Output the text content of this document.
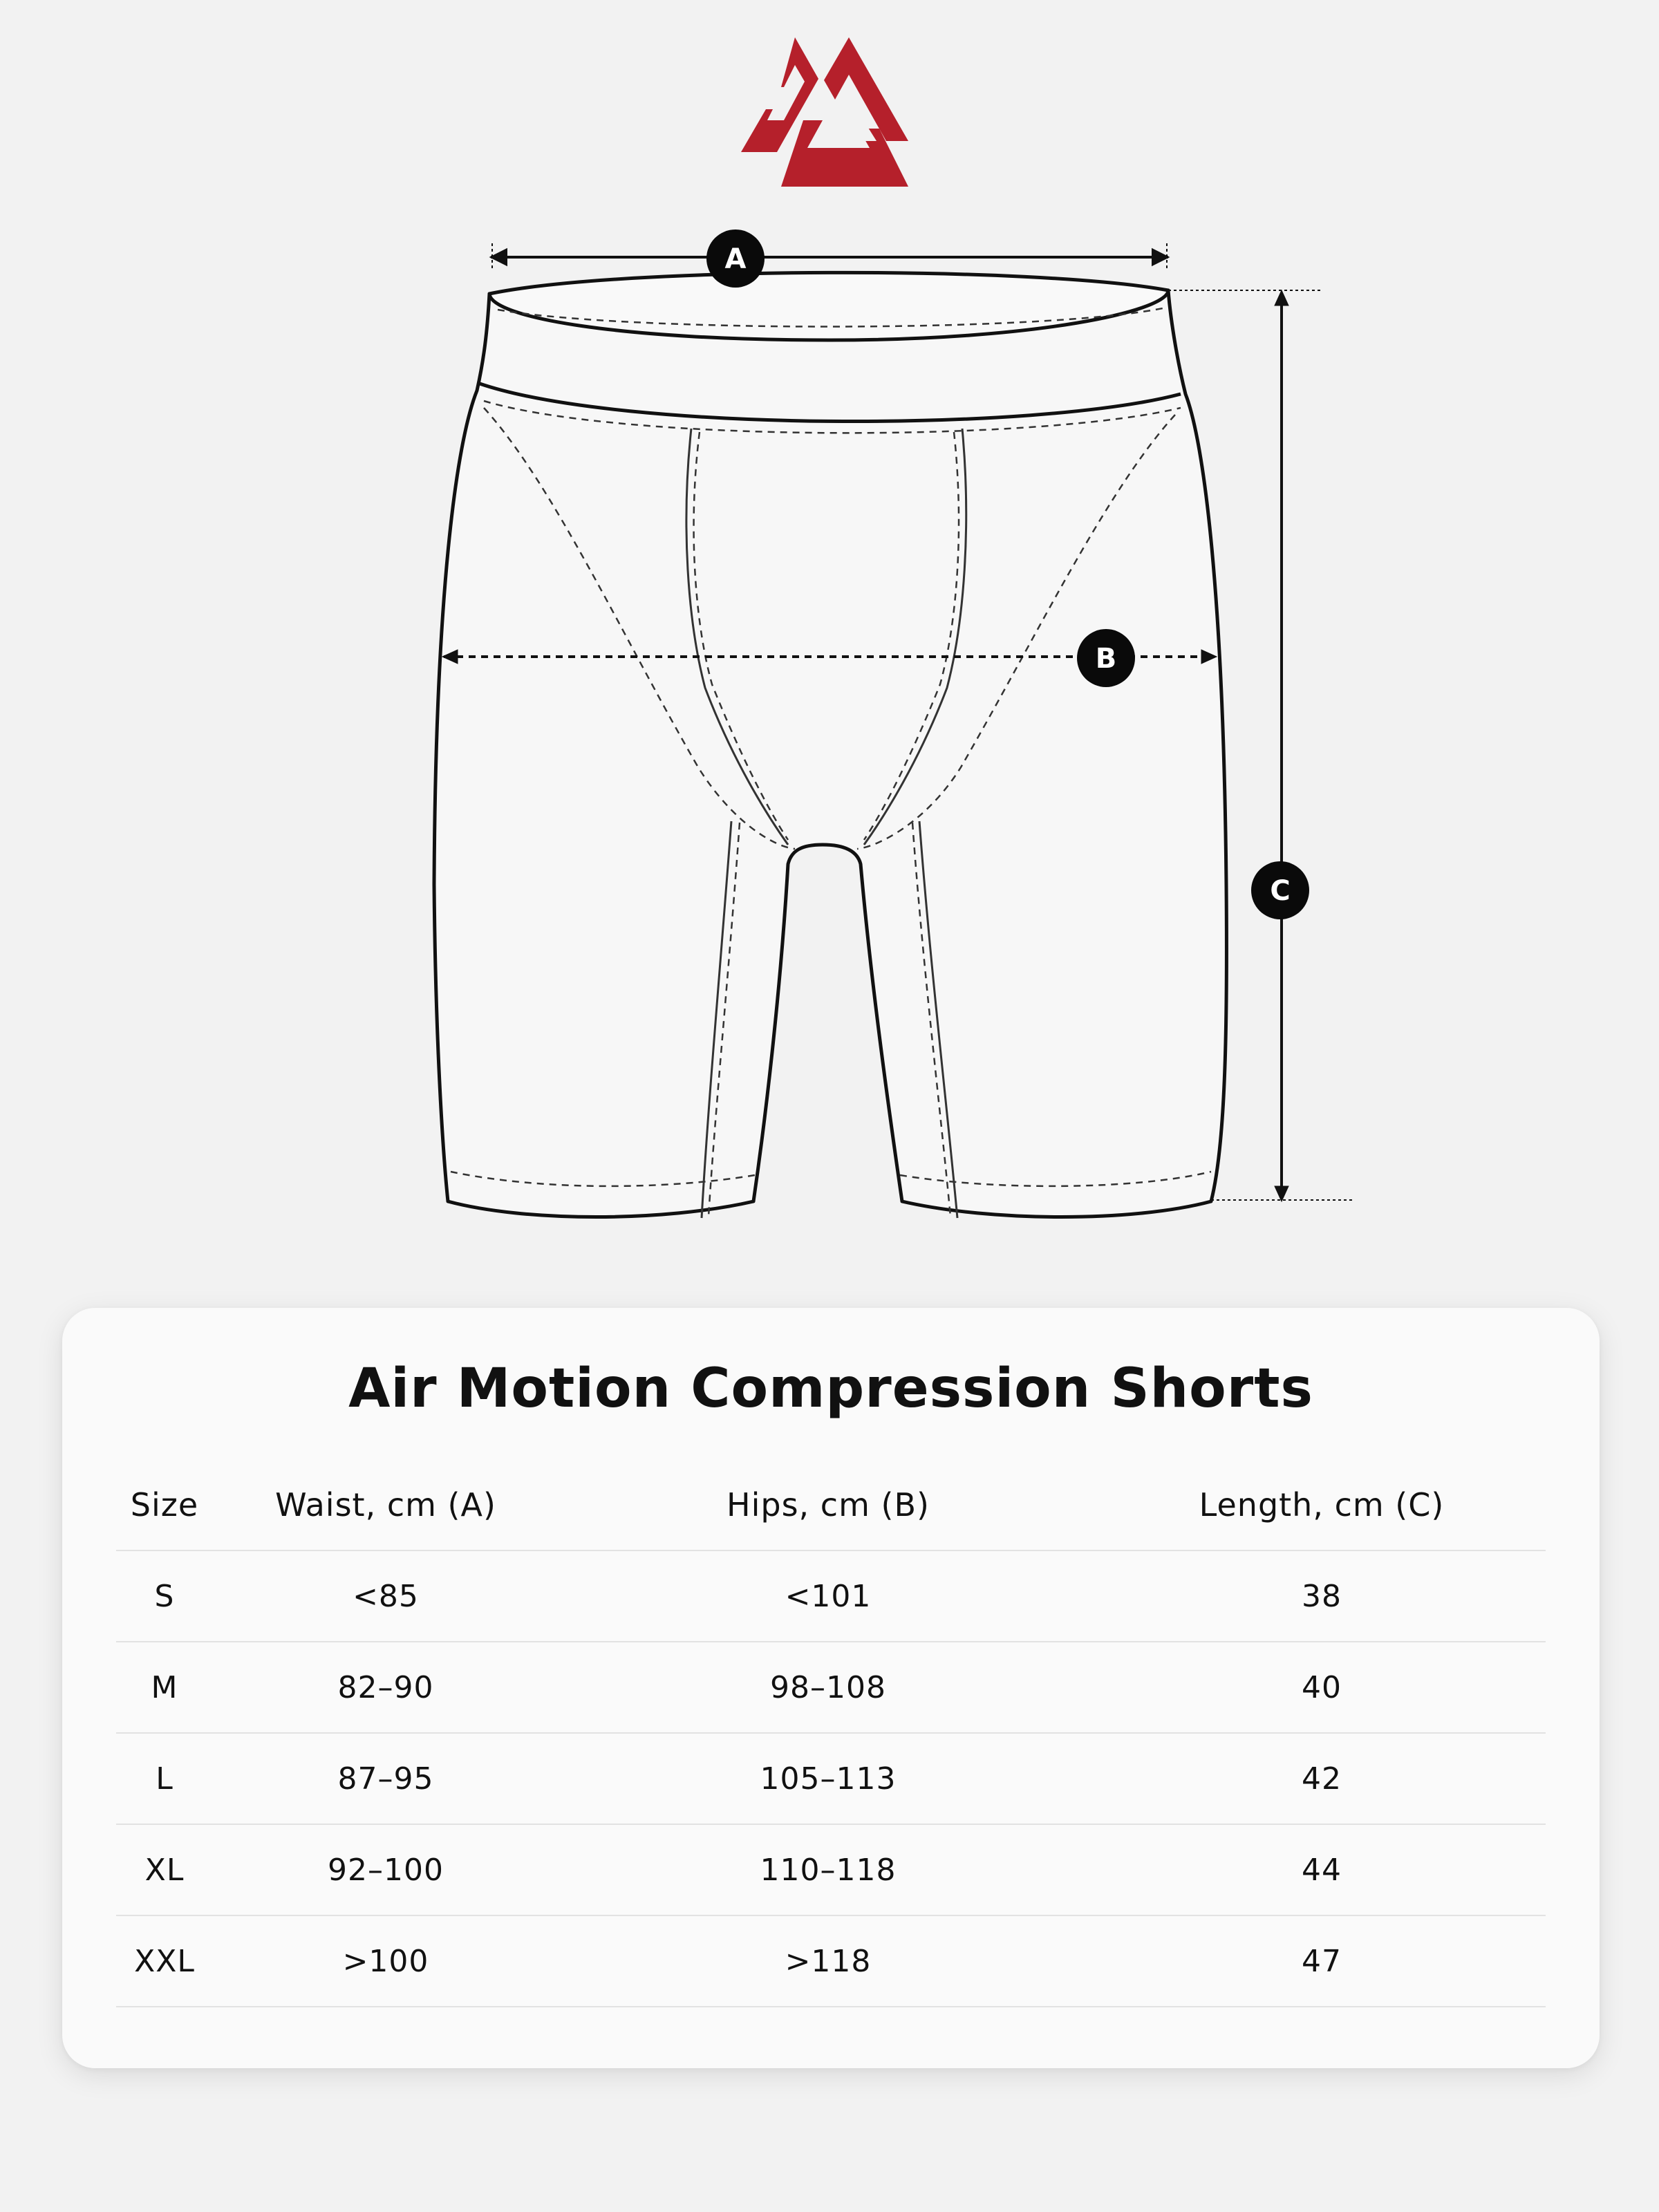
A
B
C
Air Motion Compression Shorts
Size	Waist, cm (A)	Hips, cm (B)	Length, cm (C)
S	<85	<101	38
M	82–90	98–108	40
L	87–95	105–113	42
XL	92–100	110–118	44
XXL	>100	>118	47
